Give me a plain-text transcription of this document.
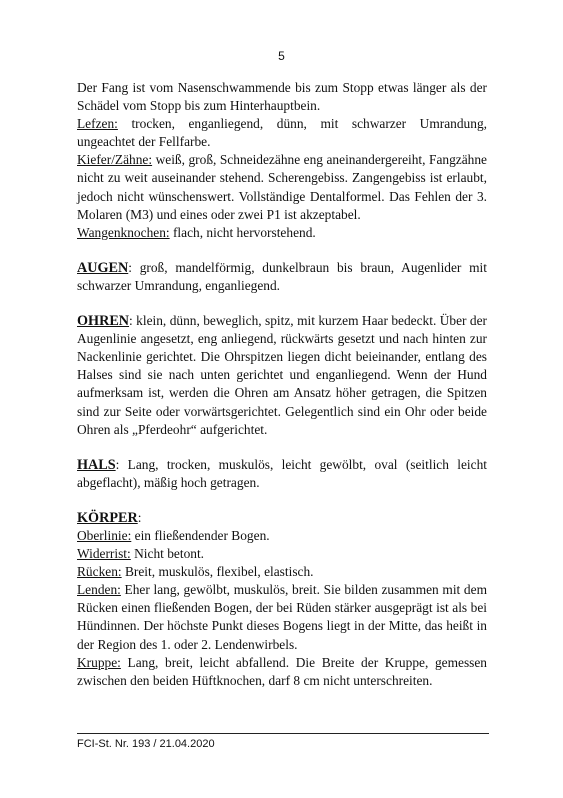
5

Der Fang ist vom Nasenschwammende bis zum Stopp etwas länger als der Schädel vom Stopp bis zum Hinterhauptbein.

Lefzen: trocken, enganliegend, dünn, mit schwarzer Umrandung, ungeachtet der Fellfarbe.

Kiefer/Zähne: weiß, groß, Schneidezähne eng aneinandergereiht, Fangzähne nicht zu weit auseinander stehend. Scherengebiss. Zangengebiss ist erlaubt, jedoch nicht wünschenswert. Vollständige Dentalformel. Das Fehlen der 3. Molaren (M3) und eines oder zwei P1 ist akzeptabel.

Wangenknochen: flach, nicht hervorstehend.

AUGEN: groß, mandelförmig, dunkelbraun bis braun, Augenlider mit schwarzer Umrandung, enganliegend.

OHREN: klein, dünn, beweglich, spitz, mit kurzem Haar bedeckt. Über der Augenlinie angesetzt, eng anliegend, rückwärts gesetzt und nach hinten zur Nackenlinie gerichtet. Die Ohrspitzen liegen dicht beieinander, entlang des Halses sind sie nach unten gerichtet und enganliegend. Wenn der Hund aufmerksam ist, werden die Ohren am Ansatz höher getragen, die Spitzen sind zur Seite oder vorwärtsgerichtet. Gelegentlich sind ein Ohr oder beide Ohren als „Pferdeohr“ aufgerichtet.

HALS: Lang, trocken, muskulös, leicht gewölbt, oval (seitlich leicht abgeflacht), mäßig hoch getragen.

KÖRPER:

Oberlinie: ein fließendender Bogen.

Widerrist: Nicht betont.

Rücken: Breit, muskulös, flexibel, elastisch.

Lenden: Eher lang, gewölbt, muskulös, breit. Sie bilden zusammen mit dem Rücken einen fließenden Bogen, der bei Rüden stärker ausgeprägt ist als bei Hündinnen. Der höchste Punkt dieses Bogens liegt in der Mitte, das heißt in der Region des 1. oder 2. Lendenwirbels.

Kruppe: Lang, breit, leicht abfallend. Die Breite der Kruppe, gemessen zwischen den beiden Hüftknochen, darf 8 cm nicht unterschreiten.

FCI-St. Nr. 193 / 21.04.2020
